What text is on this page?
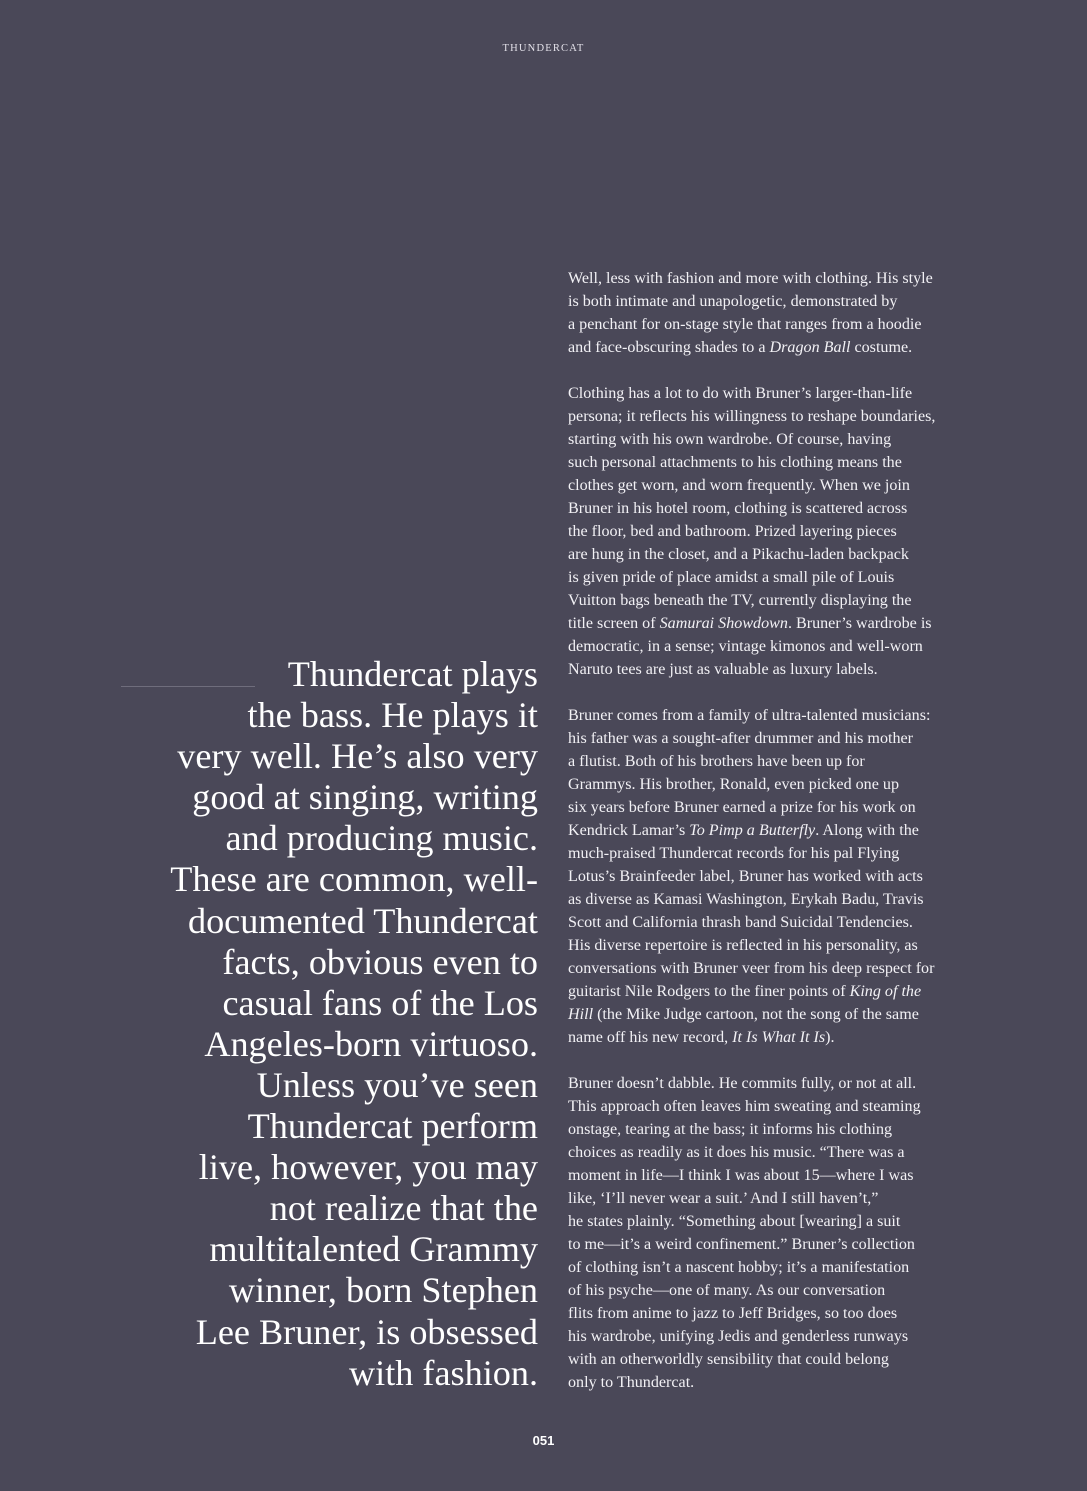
THUNDERCAT
Thundercat plays
the bass. He plays it
very well. He’s also very
good at singing, writing
and producing music.
These are common, well-
documented Thundercat
facts, obvious even to
casual fans of the Los
Angeles-born virtuoso.
Unless you’ve seen
Thundercat perform
live, however, you may
not realize that the
multitalented Grammy
winner, born Stephen
Lee Bruner, is obsessed
with fashion.
Well, less with fashion and more with clothing. His style
is both intimate and unapologetic, demonstrated by
a penchant for on-stage style that ranges from a hoodie
and face-obscuring shades to a Dragon Ball costume.
Clothing has a lot to do with Bruner’s larger-than-life
persona; it reflects his willingness to reshape boundaries,
starting with his own wardrobe. Of course, having
such personal attachments to his clothing means the
clothes get worn, and worn frequently. When we join
Bruner in his hotel room, clothing is scattered across
the floor, bed and bathroom. Prized layering pieces
are hung in the closet, and a Pikachu-laden backpack
is given pride of place amidst a small pile of Louis
Vuitton bags beneath the TV, currently displaying the
title screen of Samurai Showdown. Bruner’s wardrobe is
democratic, in a sense; vintage kimonos and well-worn
Naruto tees are just as valuable as luxury labels.
Bruner comes from a family of ultra-talented musicians:
his father was a sought-after drummer and his mother
a flutist. Both of his brothers have been up for
Grammys. His brother, Ronald, even picked one up
six years before Bruner earned a prize for his work on
Kendrick Lamar’s To Pimp a Butterfly. Along with the
much-praised Thundercat records for his pal Flying
Lotus’s Brainfeeder label, Bruner has worked with acts
as diverse as Kamasi Washington, Erykah Badu, Travis
Scott and California thrash band Suicidal Tendencies.
His diverse repertoire is reflected in his personality, as
conversations with Bruner veer from his deep respect for
guitarist Nile Rodgers to the finer points of King of the
Hill (the Mike Judge cartoon, not the song of the same
name off his new record, It Is What It Is).
Bruner doesn’t dabble. He commits fully, or not at all.
This approach often leaves him sweating and steaming
onstage, tearing at the bass; it informs his clothing
choices as readily as it does his music. “There was a
moment in life—I think I was about 15—where I was
like, ‘I’ll never wear a suit.’ And I still haven’t,”
he states plainly. “Something about [wearing] a suit
to me—it’s a weird confinement.” Bruner’s collection
of clothing isn’t a nascent hobby; it’s a manifestation
of his psyche—one of many. As our conversation
flits from anime to jazz to Jeff Bridges, so too does
his wardrobe, unifying Jedis and genderless runways
with an otherworldly sensibility that could belong
only to Thundercat.
051
